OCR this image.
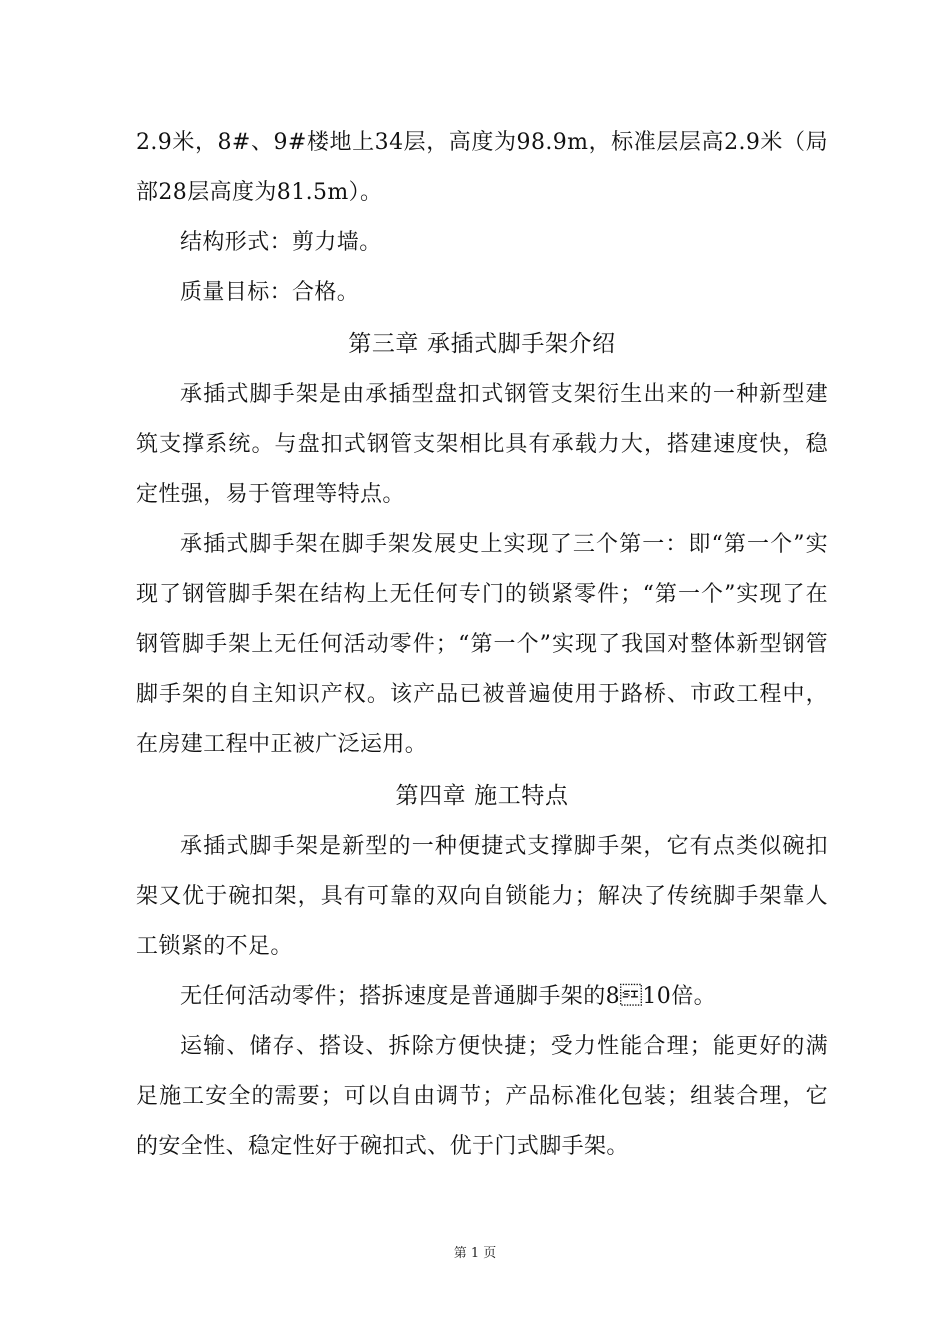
2.9米，8#、9#楼地上34层，高度为98.9m，标准层层高2.9米（局部28层高度为81.5m）。

结构形式：剪力墙。

质量目标：合格。

第三章 承插式脚手架介绍

承插式脚手架是由承插型盘扣式钢管支架衍生出来的一种新型建筑支撑系统。与盘扣式钢管支架相比具有承载力大，搭建速度快，稳定性强，易于管理等特点。

承插式脚手架在脚手架发展史上实现了三个第一：即“第一个”实现了钢管脚手架在结构上无任何专门的锁紧零件；“第一个”实现了在钢管脚手架上无任何活动零件；“第一个”实现了我国对整体新型钢管脚手架的自主知识产权。该产品已被普遍使用于路桥、市政工程中，在房建工程中正被广泛运用。

第四章 施工特点

承插式脚手架是新型的一种便捷式支撑脚手架，它有点类似碗扣架又优于碗扣架，具有可靠的双向自锁能力；解决了传统脚手架靠人工锁紧的不足。

无任何活动零件；搭拆速度是普通脚手架的810倍。

运输、储存、搭设、拆除方便快捷；受力性能合理；能更好的满足施工安全的需要；可以自由调节；产品标准化包装；组装合理，它的安全性、稳定性好于碗扣式、优于门式脚手架。

第 1 页
